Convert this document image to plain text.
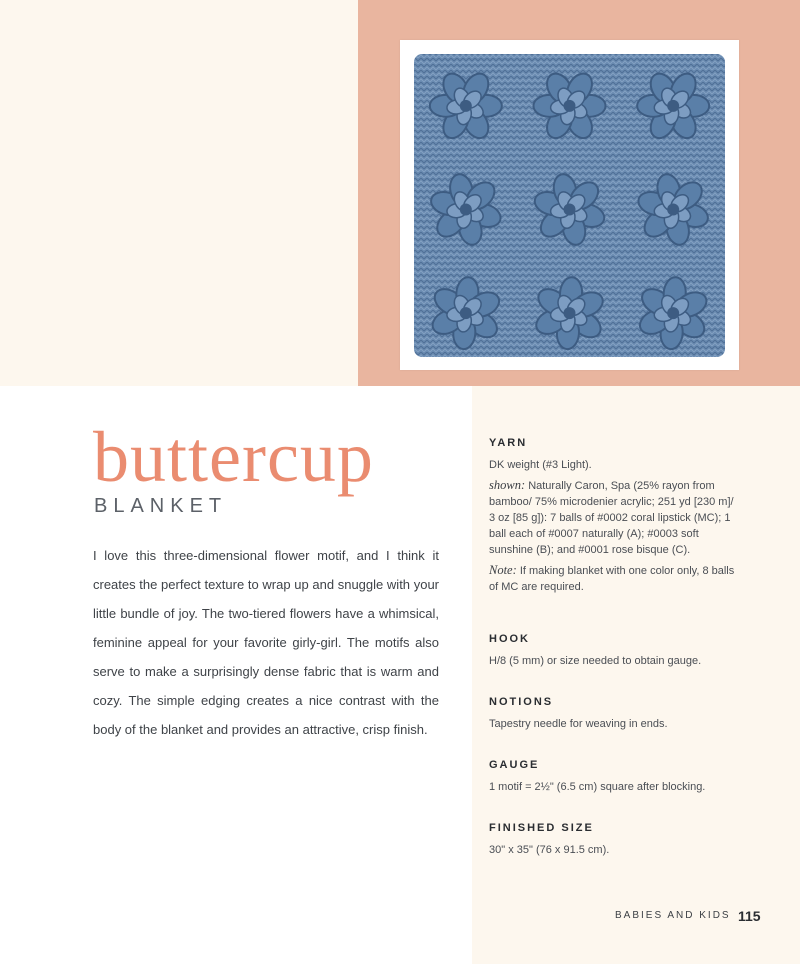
buttercup
BLANKET

I love this three-dimensional flower motif, and I think it creates the perfect texture to wrap up and snuggle with your little bundle of joy. The two-tiered flowers have a whimsical, feminine appeal for your favorite girly-girl. The motifs also serve to make a surprisingly dense fabric that is warm and cozy. The simple edging creates a nice contrast with the body of the blanket and provides an attractive, crisp finish.

YARN

DK weight (#3 Light).

shown: Naturally Caron, Spa (25% rayon from bamboo/ 75% microdenier acrylic; 251 yd [230 m]/ 3 oz [85 g]): 7 balls of #0002 coral lipstick (MC); 1 ball each of #0007 naturally (A); #0003 soft sunshine (B); and #0001 rose bisque (C).

Note: If making blanket with one color only, 8 balls of MC are required.

HOOK

H/8 (5 mm) or size needed to obtain gauge.

NOTIONS

Tapestry needle for weaving in ends.

GAUGE

1 motif = 2½" (6.5 cm) square after blocking.

FINISHED SIZE

30" x 35" (76 x 91.5 cm).

BABIES AND KIDS 115
